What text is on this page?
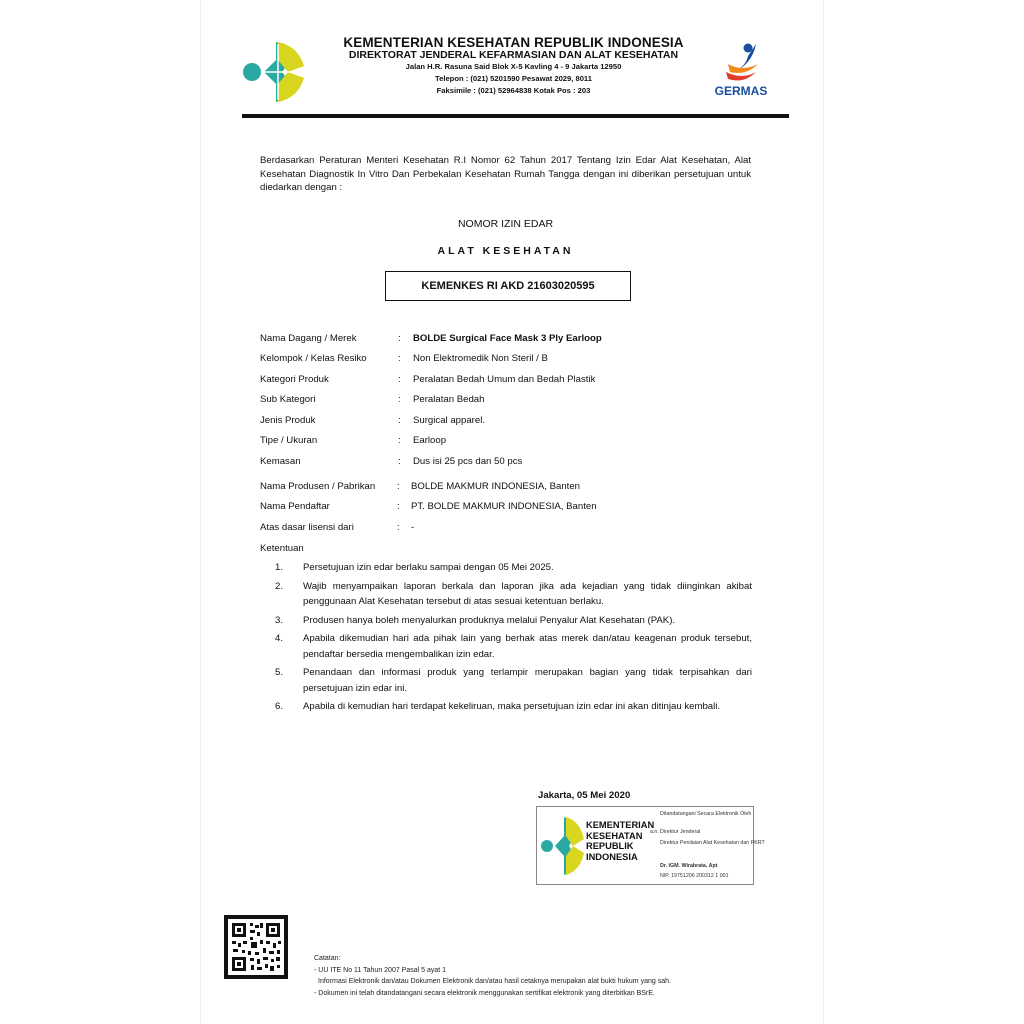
KEMENTERIAN KESEHATAN REPUBLIK INDONESIA
DIREKTORAT JENDERAL KEFARMASIAN DAN ALAT KESEHATAN
Jalan H.R. Rasuna Said Blok X-5 Kavling 4 - 9 Jakarta 12950
Telepon : (021) 5201590 Pesawat 2029, 8011
Faksimile : (021) 52964838 Kotak Pos : 203	GERMAS
Berdasarkan Peraturan Menteri Kesehatan R.I Nomor 62 Tahun 2017 Tentang Izin Edar Alat Kesehatan, Alat Kesehatan Diagnostik In Vitro Dan Perbekalan Kesehatan Rumah Tangga dengan ini diberikan persetujuan untuk diedarkan dengan :
NOMOR IZIN EDAR
ALAT KESEHATAN
KEMENKES RI AKD 21603020595
Nama Dagang / Merek	: BOLDE Surgical Face Mask 3 Ply Earloop
Kelompok / Kelas Resiko	: Non Elektromedik Non Steril / B
Kategori Produk	: Peralatan Bedah Umum dan Bedah Plastik
Sub Kategori	: Peralatan Bedah
Jenis Produk	: Surgical apparel.
Tipe / Ukuran	: Earloop
Kemasan	: Dus isi 25 pcs dan 50 pcs
Nama Produsen / Pabrikan : BOLDE MAKMUR INDONESIA, Banten
Nama Pendaftar	: PT. BOLDE MAKMUR INDONESIA, Banten
Atas dasar lisensi dari	: -
Ketentuan
1. Persetujuan izin edar berlaku sampai dengan 05 Mei 2025.
2. Wajib menyampaikan laporan berkala dan laporan jika ada kejadian yang tidak diinginkan akibat penggunaan Alat Kesehatan tersebut di atas sesuai ketentuan berlaku.
3. Produsen hanya boleh menyalurkan produknya melalui Penyalur Alat Kesehatan (PAK).
4. Apabila dikemudian hari ada pihak lain yang berhak atas merek dan/atau keagenan produk tersebut, pendaftar bersedia mengembalikan izin edar.
5. Penandaan dan informasi produk yang terlampir merupakan bagian yang tidak terpisahkan dari persetujuan izin edar ini.
6. Apabila di kemudian hari terdapat kekeliruan, maka persetujuan izin edar ini akan ditinjau kembali.
Jakarta, 05 Mei 2020
KEMENTERIAN
KESEHATAN
REPUBLIK
INDONESIA
Ditandatangani Secara Elektronik Oleh :
a.n. Direktur Jenderal
Direktur Penilaian Alat Kesehatan dan PKRT
Dr. IGM. Wirabrata, Apt
NIP. 19751206 200312 1 001
Catatan:
- UU ITE No 11 Tahun 2007 Pasal 5 ayat 1
Informasi Elektronik dan/atau Dokumen Elektronik dan/atau hasil cetaknya merupakan alat bukti hukum yang sah.
- Dokumen ini telah ditandatangani secara elektronik menggunakan sertifikat elektronik yang diterbitkan BSrE.
